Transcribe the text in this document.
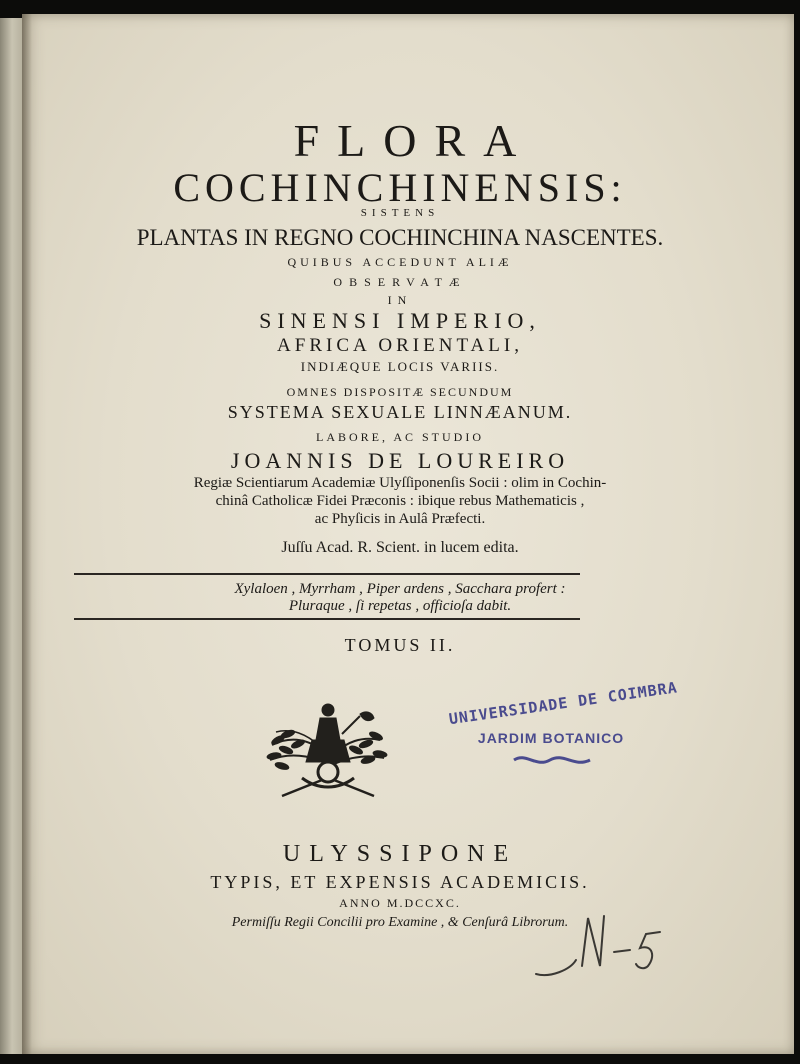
FLORA
COCHINCHINENSIS:
SISTENS
PLANTAS IN REGNO COCHINCHINA NASCENTES.
QUIBUS ACCEDUNT ALIÆ
OBSERVATÆ
IN
SINENSI IMPERIO,
AFRICA ORIENTALI,
INDIÆQUE LOCIS VARIIS.
OMNES DISPOSITÆ SECUNDUM
SYSTEMA SEXUALE LINNÆANUM.
LABORE, AC STUDIO
JOANNIS DE LOUREIRO
Regiæ Scientiarum Academiæ Ulyſſiponenſis Socii : olim in Cochin-
chinâ Catholicæ Fidei Præconis : ibique rebus Mathematicis ,
ac Phyſicis in Aulâ Præfecti.
Juſſu Acad. R. Scient. in lucem edita.
Xylaloen , Myrrham , Piper ardens , Sacchara profert :
Pluraque , ſi repetas , officioſa dabit.
TOMUS II.
UNIVERSIDADE DE COIMBRA
JARDIM BOTANICO
ULYSSIPONE
TYPIS, ET EXPENSIS ACADEMICIS.
ANNO M.DCCXC.
Permiſſu Regii Concilii pro Examine , & Cenſurâ Librorum.
